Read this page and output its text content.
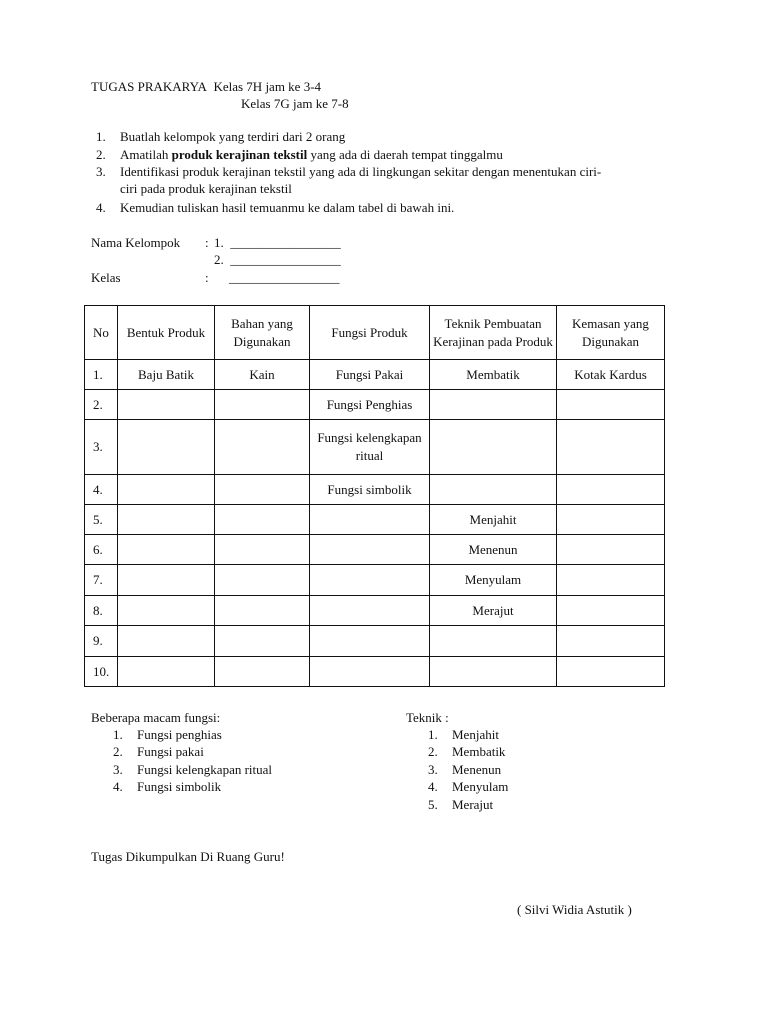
TUGAS PRAKARYA Kelas 7H jam ke 3-4
Kelas 7G jam ke 7-8
1. Buatlah kelompok yang terdiri dari 2 orang
2. Amatilah produk kerajinan tekstil yang ada di daerah tempat tinggalmu
3. Identifikasi produk kerajinan tekstil yang ada di lingkungan sekitar dengan menentukan ciri-
ciri pada produk kerajinan tekstil
4. Kemudian tuliskan hasil temuanmu ke dalam tabel di bawah ini.
Nama Kelompok : 1. _________________
2. _________________
Kelas	: _________________
No	Bentuk Produk	Bahan yang Digunakan	Fungsi Produk	Teknik Pembuatan Kerajinan pada Produk	Kemasan yang Digunakan
1.	Baju Batik	Kain	Fungsi Pakai	Membatik	Kotak Kardus
2.			Fungsi Penghias		
3.			Fungsi kelengkapan ritual		
4.			Fungsi simbolik		
5.				Menjahit	
6.				Menenun	
7.				Menyulam	
8.				Merajut	
9.					
10.					
Beberapa macam fungsi:
1. Fungsi penghias
2. Fungsi pakai
3. Fungsi kelengkapan ritual
4. Fungsi simbolik
Teknik :
1. Menjahit
2. Membatik
3. Menenun
4. Menyulam
5. Merajut
Tugas Dikumpulkan Di Ruang Guru!
( Silvi Widia Astutik )
